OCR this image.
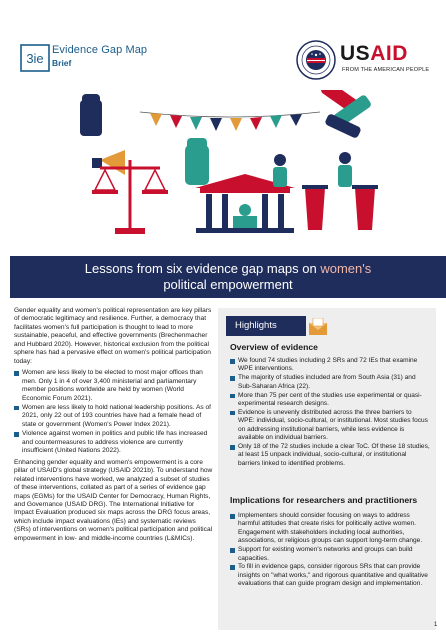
3ie
Evidence Gap Map
Brief	USAID
FROM THE AMERICAN PEOPLE
Lessons from six evidence gap maps on women's
political empowerment

Gender equality and women's political representation are key pillars of democratic legitimacy and resilience. Further, a democracy that facilitates women's full participation is thought to lead to more sustainable, peaceful, and effective governments (Brechenmacher and Hubbard 2020). However, historical exclusion from the political sphere has had a pervasive effect on women's political participation today:

Women are less likely to be elected to most major offices than men. Only 1 in 4 of over 3,400 ministerial and parliamentary member positions worldwide are held by women (World Economic Forum 2021).
Women are less likely to hold national leadership positions. As of 2021, only 22 out of 193 countries have had a female head of state or government (Women's Power Index 2021).
Violence against women in politics and public life has increased and countermeasures to address violence are currently insufficient (United Nations 2022).

Enhancing gender equality and women's empowerment is a core pillar of USAID's global strategy (USAID 2021b). To understand how related interventions have worked, we analyzed a subset of studies of these interventions, collated as part of a series of evidence gap maps (EGMs) for the USAID Center for Democracy, Human Rights, and Governance (USAID DRG). The International Initiative for Impact Evaluation produced six maps across the DRG focus areas, which include impact evaluations (IEs) and systematic reviews (SRs) of interventions on women's political participation and political empowerment in low- and middle-income countries (L&MICs).

Highlights
Overview of evidence
We found 74 studies including 2 SRs and 72 IEs that examine WPE interventions.
The majority of studies included are from South Asia (31) and Sub-Saharan Africa (22).
More than 75 per cent of the studies use experimental or quasi-experimental research designs.
Evidence is unevenly distributed across the three barriers to WPE: individual, socio-cultural, or institutional. Most studies focus on addressing institutional barriers, while less evidence is available on individual barriers.
Only 18 of the 72 studies include a clear ToC. Of these 18 studies, at least 15 unpack individual, socio-cultural, or institutional barriers linked to identified problems.
Implications for researchers and practitioners
Implementers should consider focusing on ways to address harmful attitudes that create risks for politically active women. Engagement with stakeholders including local authorities, associations, or religious groups can support long-term change.
Support for existing women's networks and groups can build capacities.
To fill in evidence gaps, consider rigorous SRs that can provide insights on "what works," and rigorous quantitative and qualitative evaluations that can guide program design and implementation.
1
